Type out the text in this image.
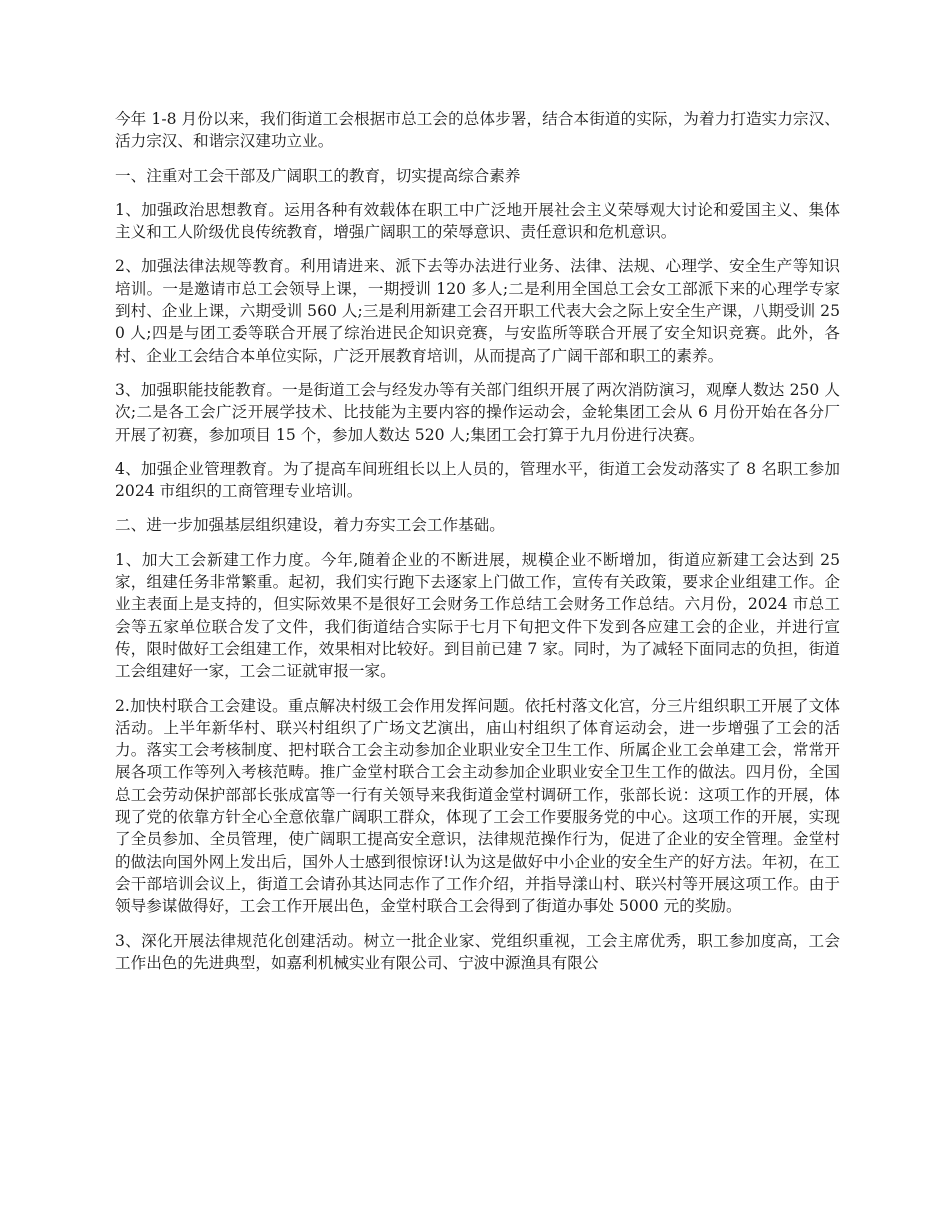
今年 1-8 月份以来，我们街道工会根据市总工会的总体步署，结合本街道的实际，为着力打造实力宗汉、活力宗汉、和谐宗汉建功立业。

一、注重对工会干部及广阔职工的教育，切实提高综合素养

1、加强政治思想教育。运用各种有效载体在职工中广泛地开展社会主义荣辱观大讨论和爱国主义、集体主义和工人阶级优良传统教育，增强广阔职工的荣辱意识、责任意识和危机意识。

2、加强法律法规等教育。利用请进来、派下去等办法进行业务、法律、法规、心理学、安全生产等知识培训。一是邀请市总工会领导上课，一期授训 120 多人;二是利用全国总工会女工部派下来的心理学专家到村、企业上课，六期受训 560 人;三是利用新建工会召开职工代表大会之际上安全生产课，八期受训 250 人;四是与团工委等联合开展了综治进民企知识竞赛，与安监所等联合开展了安全知识竞赛。此外，各村、企业工会结合本单位实际，广泛开展教育培训，从而提高了广阔干部和职工的素养。

3、加强职能技能教育。一是街道工会与经发办等有关部门组织开展了两次消防演习，观摩人数达 250 人次;二是各工会广泛开展学技术、比技能为主要内容的操作运动会，金轮集团工会从 6 月份开始在各分厂开展了初赛，参加项目 15 个，参加人数达 520 人;集团工会打算于九月份进行决赛。

4、加强企业管理教育。为了提高车间班组长以上人员的，管理水平，街道工会发动落实了 8 名职工参加 2024 市组织的工商管理专业培训。

二、进一步加强基层组织建设，着力夯实工会工作基础。

1、加大工会新建工作力度。今年,随着企业的不断进展，规模企业不断增加，街道应新建工会达到 25 家，组建任务非常繁重。起初，我们实行跑下去逐家上门做工作，宣传有关政策，要求企业组建工作。企业主表面上是支持的，但实际效果不是很好工会财务工作总结工会财务工作总结。六月份，2024 市总工会等五家单位联合发了文件，我们街道结合实际于七月下旬把文件下发到各应建工会的企业，并进行宣传，限时做好工会组建工作，效果相对比较好。到目前已建 7 家。同时，为了减轻下面同志的负担，街道工会组建好一家，工会二证就审报一家。

2.加快村联合工会建设。重点解决村级工会作用发挥问题。依托村落文化宫，分三片组织职工开展了文体活动。上半年新华村、联兴村组织了广场文艺演出，庙山村组织了体育运动会，进一步增强了工会的活力。落实工会考核制度、把村联合工会主动参加企业职业安全卫生工作、所属企业工会单建工会，常常开展各项工作等列入考核范畴。推广金堂村联合工会主动参加企业职业安全卫生工作的做法。四月份，全国总工会劳动保护部部长张成富等一行有关领导来我街道金堂村调研工作，张部长说：这项工作的开展，体现了党的依靠方针全心全意依靠广阔职工群众，体现了工会工作要服务党的中心。这项工作的开展，实现了全员参加、全员管理，使广阔职工提高安全意识，法律规范操作行为，促进了企业的安全管理。金堂村的做法向国外网上发出后，国外人士感到很惊讶!认为这是做好中小企业的安全生产的好方法。年初，在工会干部培训会议上，街道工会请孙其达同志作了工作介绍，并指导漾山村、联兴村等开展这项工作。由于领导参谋做得好，工会工作开展出色，金堂村联合工会得到了街道办事处 5000 元的奖励。

3、深化开展法律规范化创建活动。树立一批企业家、党组织重视，工会主席优秀，职工参加度高，工会工作出色的先进典型，如嘉利机械实业有限公司、宁波中源渔具有限公
